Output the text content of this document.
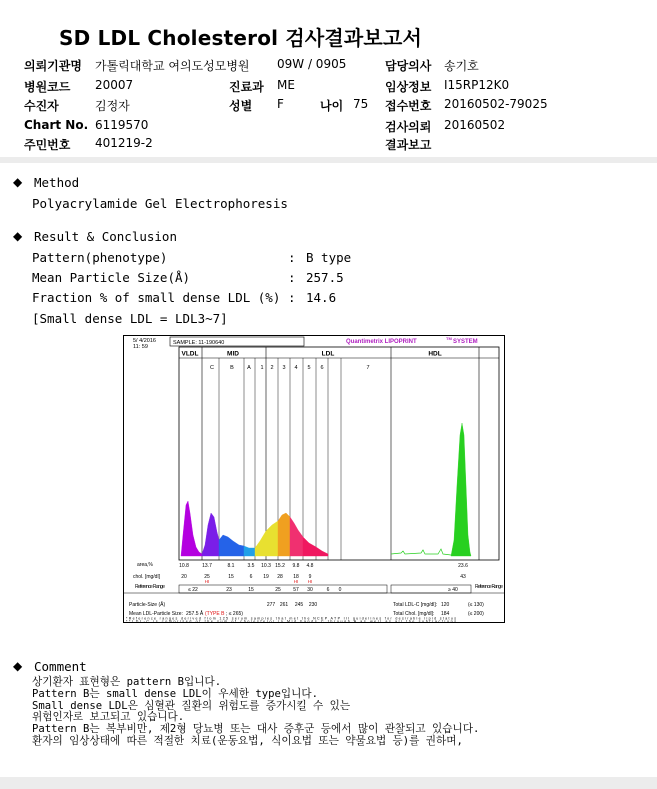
SD LDL Cholesterol 검사결과보고서
의뢰기관명 가톨릭대학교 여의도성모병원 09W / 0905	담당의사 송기호
병원코드 20007	진료과 ME	임상정보 I15RP12K0
수진자	김정자	성별 F	나이 75 접수번호 20160502-79025
Chart No. 6119570	검사의뢰 20160502
주민번호 401219-2	결과보고
◆ Method
Polyacrylamide Gel Electrophoresis
◆ Result & Conclusion
Pattern(phenotype)	: B type
Mean Particle Size(Å)	: 257.5
Fraction % of small dense LDL (%) : 14.6
[Small dense LDL = LDL3~7]
5/ 4/2016
11: 59
SAMPLE: 11-190640	Quantimetrix LIPOPRINT
TM
SYSTEM
VLDL	MID	LDL	HDL
C	B A 1 2 3 4 5 6	7
10.8	13.7	8.1	3.5 10.3 15.2 9.8 4.8	23.6
20	25	15	6 19 28 18 9	43
HI	HI HI
≤ 22	23	15	25 57 30	6 0	≥ 40
277 261 245 230
area,%
chol. [mg/dl]
Reference Range	Reference Range
Particle-Size (Å)
Mean LDL-Particle Size: 257.5 Å (TYPE B ; ≤ 265)
Total LDL-C [mg/dl]: 120	(≤ 130)
Total Chol. [mg/dl]: 184	(≤ 200)
*Reference ranges derived from 125 serum samples that met the NCEP ATP III guidelines for desirable lipid status
**LDL-C is comprised of the sum of cholesterol in Mid bands C through A as well as all the subfractions
◆ Comment
상기환자 표현형은 pattern B입니다.
Pattern B는 small dense LDL이 우세한 type입니다.
Small dense LDL은 심혈관 질환의 위험도를 증가시킬 수 있는
위험인자로 보고되고 있습니다.
Pattern B는 복부비만, 제2형 당뇨병 또는 대사 증후군 등에서 많이 관찰되고 있습니다.
환자의 임상상태에 따른 적절한 치료(운동요법, 식이요법 또는 약물요법 등)를 권하며,
